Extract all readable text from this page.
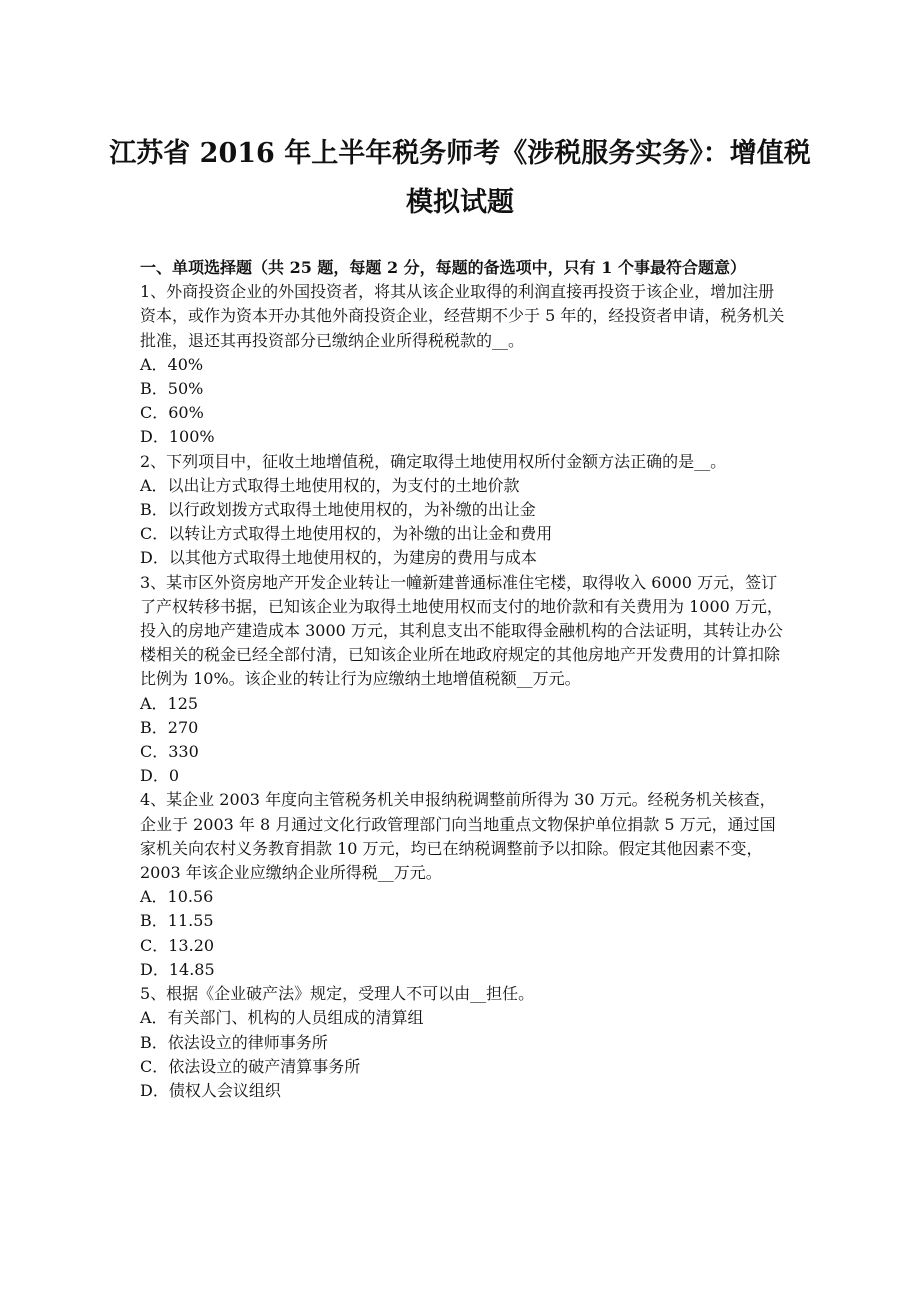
江苏省 2016 年上半年税务师考《涉税服务实务》：增值税
模拟试题

一、单项选择题（共 25 题，每题 2 分，每题的备选项中，只有 1 个事最符合题意）

1、外商投资企业的外国投资者，将其从该企业取得的利润直接再投资于该企业，增加注册资本，或作为资本开办其他外商投资企业，经营期不少于 5 年的，经投资者申请，税务机关批准，退还其再投资部分已缴纳企业所得税税款的__。

A．40%

B．50%

C．60%

D．100%

2、下列项目中，征收土地增值税，确定取得土地使用权所付金额方法正确的是__。

A．以出让方式取得土地使用权的，为支付的土地价款

B．以行政划拨方式取得土地使用权的，为补缴的出让金

C．以转让方式取得土地使用权的，为补缴的出让金和费用

D．以其他方式取得土地使用权的，为建房的费用与成本

3、某市区外资房地产开发企业转让一幢新建普通标准住宅楼，取得收入 6000 万元，签订了产权转移书据，已知该企业为取得土地使用权而支付的地价款和有关费用为 1000 万元，投入的房地产建造成本 3000 万元，其利息支出不能取得金融机构的合法证明，其转让办公楼相关的税金已经全部付清，已知该企业所在地政府规定的其他房地产开发费用的计算扣除比例为 10%。该企业的转让行为应缴纳土地增值税额__万元。

A．125

B．270

C．330

D．0

4、某企业 2003 年度向主管税务机关申报纳税调整前所得为 30 万元。经税务机关核查，企业于 2003 年 8 月通过文化行政管理部门向当地重点文物保护单位捐款 5 万元，通过国家机关向农村义务教育捐款 10 万元，均已在纳税调整前予以扣除。假定其他因素不变， 2003 年该企业应缴纳企业所得税__万元。

A．10.56

B．11.55

C．13.20

D．14.85

5、根据《企业破产法》规定，受理人不可以由__担任。

A．有关部门、机构的人员组成的清算组

B．依法设立的律师事务所

C．依法设立的破产清算事务所

D．债权人会议组织
